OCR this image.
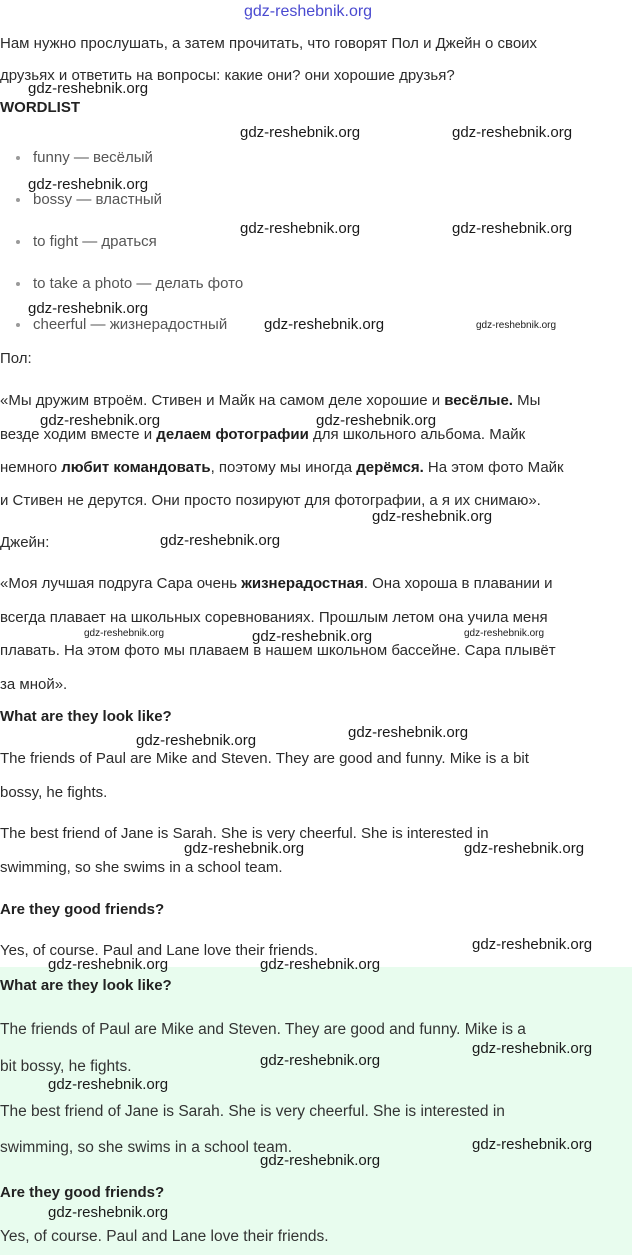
Нам нужно прослушать, а затем прочитать, что говорят Пол и Джейн о своих

друзьях и ответить на вопросы: какие они? они хорошие друзья?

WORDLIST

funny — весёлый
bossy — властный
to fight — драться
to take a photo — делать фото
cheerful — жизнерадостный

Пол:

«Мы дружим втроём. Стивен и Майк на самом деле хорошие и весёлые. Мы

везде ходим вместе и делаем фотографии для школьного альбома. Майк

немного любит командовать, поэтому мы иногда дерёмся. На этом фото Майк

и Стивен не дерутся. Они просто позируют для фотографии, а я их снимаю».

Джейн:

«Моя лучшая подруга Сара очень жизнерадостная. Она хороша в плавании и

всегда плавает на школьных соревнованиях. Прошлым летом она учила меня

плавать. На этом фото мы плаваем в нашем школьном бассейне. Сара плывёт

за мной».

What are they look like?

The friends of Paul are Mike and Steven. They are good and funny. Mike is a bit

bossy, he fights.

The best friend of Jane is Sarah. She is very cheerful. She is interested in

swimming, so she swims in a school team.

Are they good friends?

Yes, of course. Paul and Lane love their friends.

What are they look like?

The friends of Paul are Mike and Steven. They are good and funny. Mike is a

bit bossy, he fights.

The best friend of Jane is Sarah. She is very cheerful. She is interested in

swimming, so she swims in a school team.

Are they good friends?

Yes, of course. Paul and Lane love their friends.

gdz-reshebnik.org
gdz-reshebnik.org
gdz-reshebnik.org	gdz-reshebnik.org
gdz-reshebnik.org
gdz-reshebnik.org	gdz-reshebnik.org
gdz-reshebnik.org
gdz-reshebnik.org	gdz-reshebnik.org
gdz-reshebnik.org	gdz-reshebnik.org
gdz-reshebnik.org
gdz-reshebnik.org
gdz-reshebnik.org	gdz-reshebnik.org	gdz-reshebnik.org
gdz-reshebnik.org
gdz-reshebnik.org
gdz-reshebnik.org	gdz-reshebnik.org
gdz-reshebnik.org
gdz-reshebnik.org	gdz-reshebnik.org
gdz-reshebnik.org
gdz-reshebnik.org
gdz-reshebnik.org
gdz-reshebnik.org
gdz-reshebnik.org
gdz-reshebnik.org
